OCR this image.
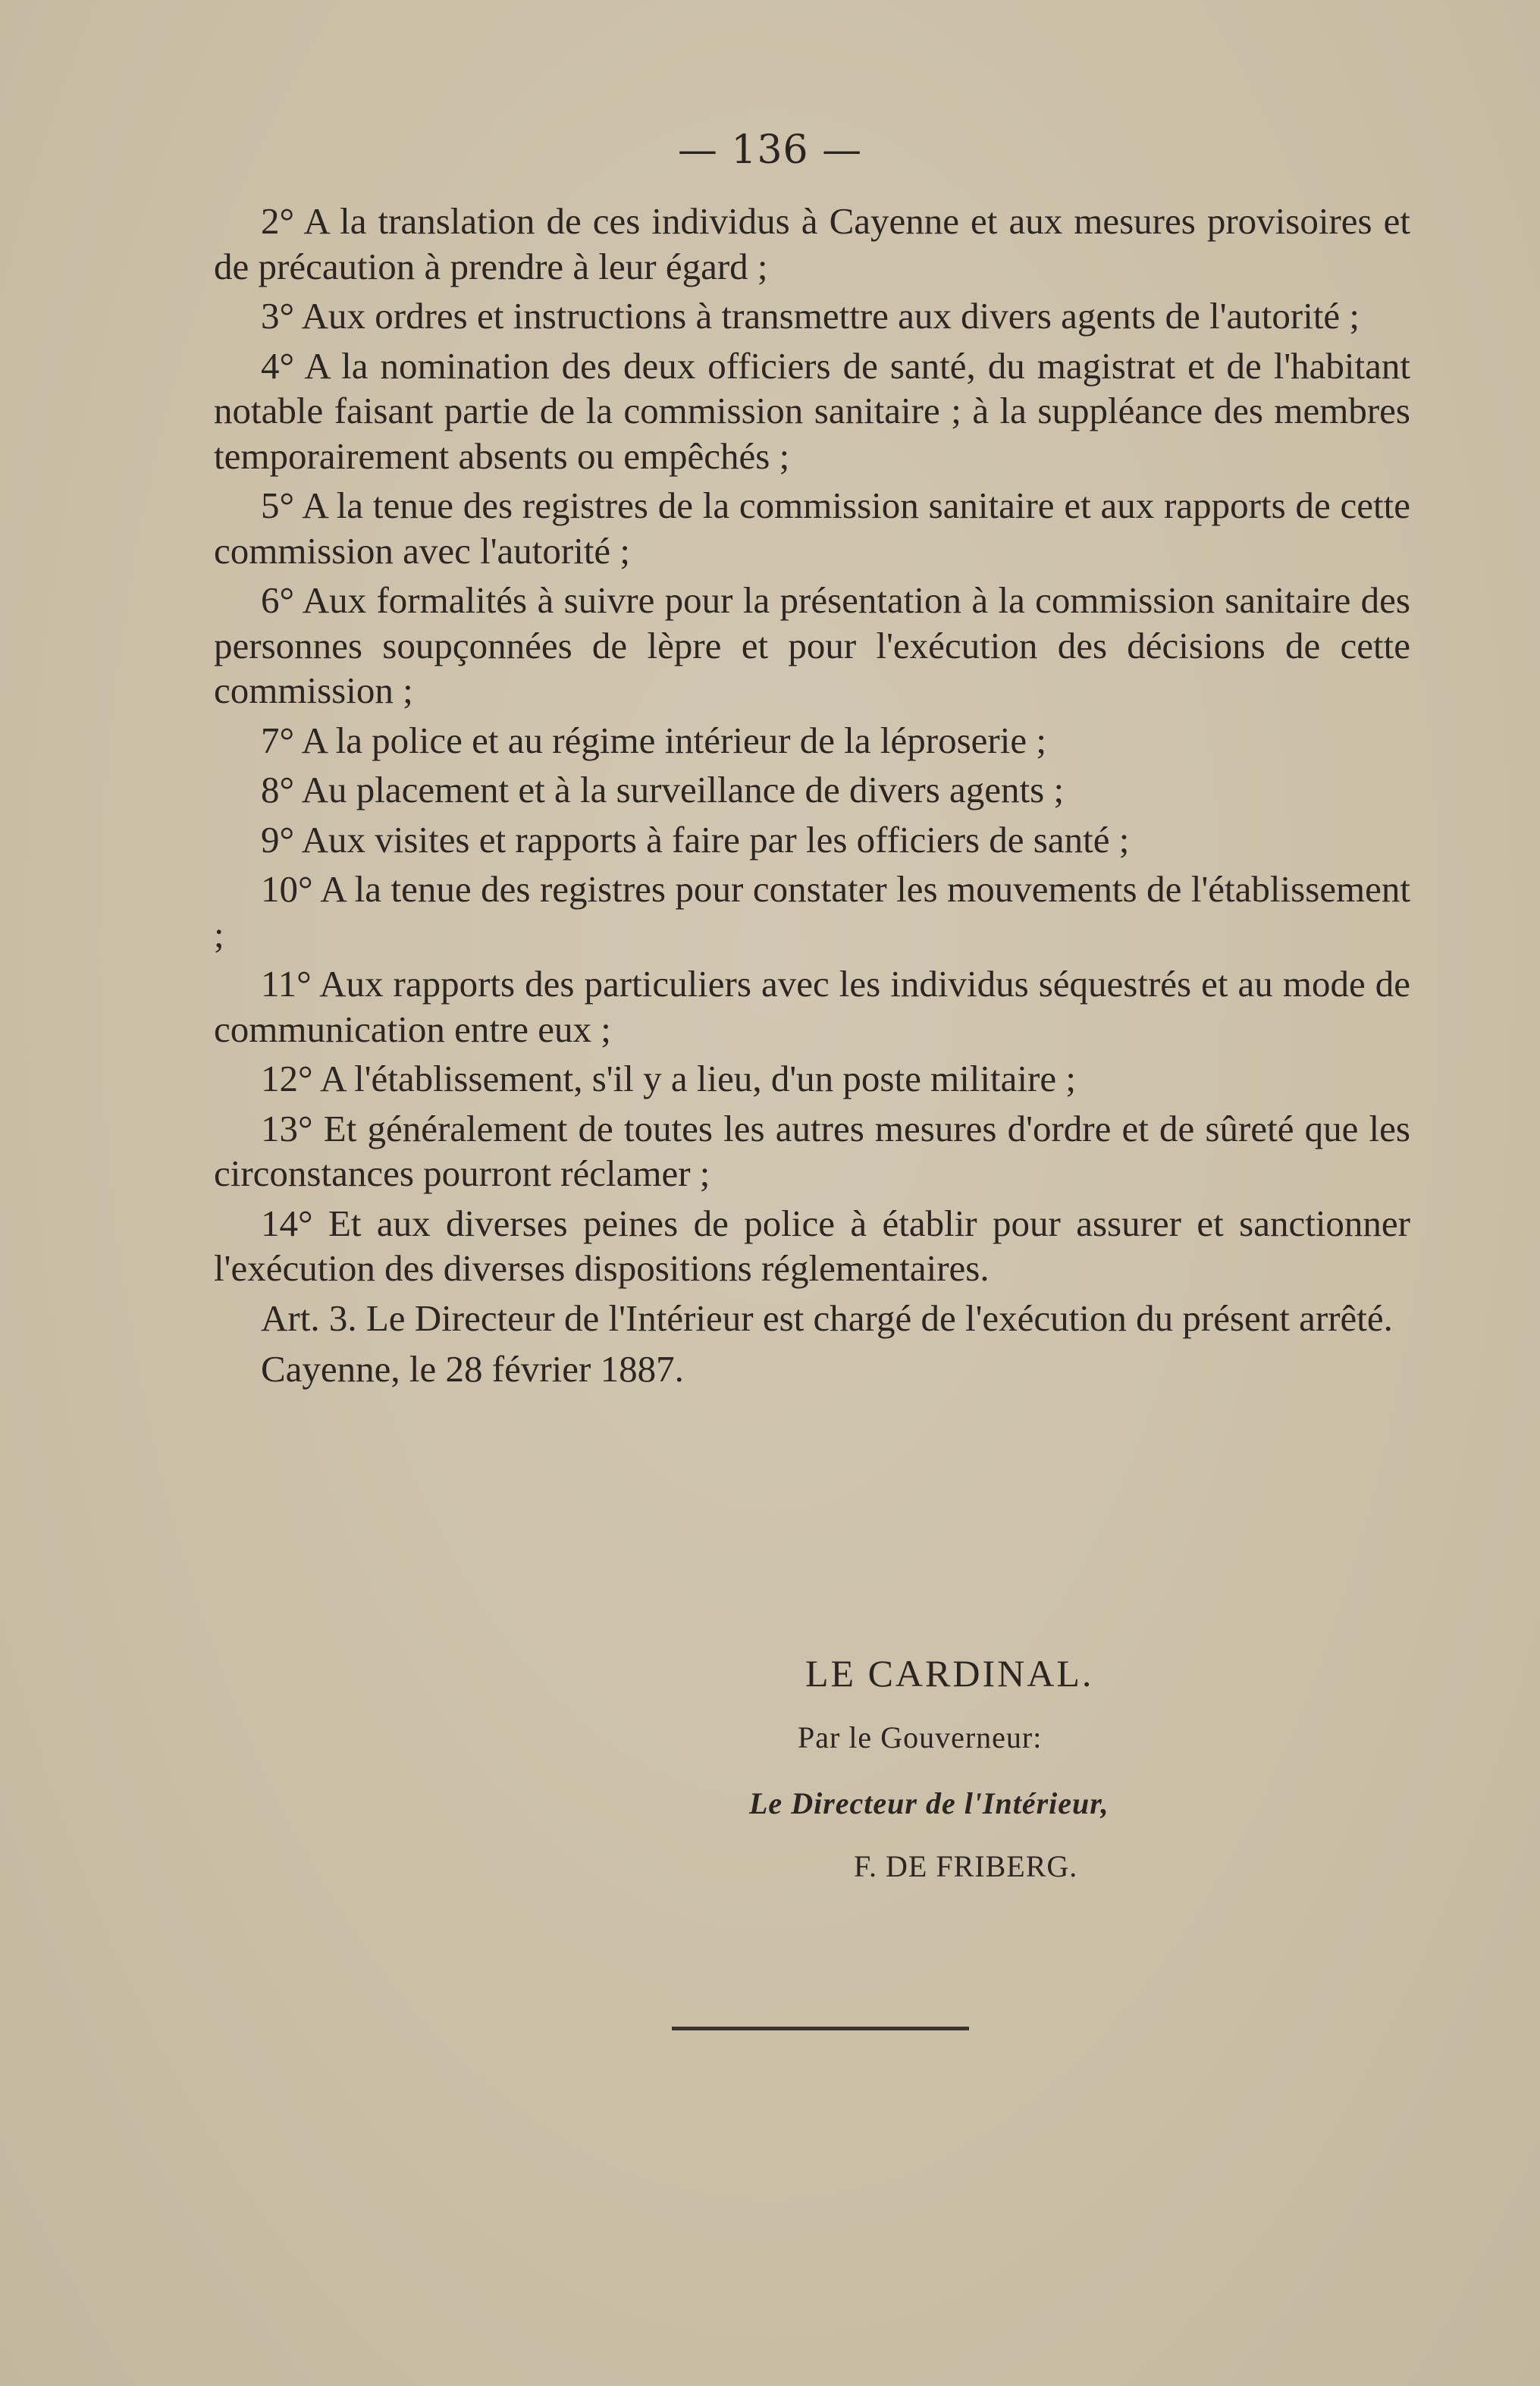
— 136 —

2° A la translation de ces individus à Cayenne et aux mesures provisoires et de précaution à prendre à leur égard ;

3° Aux ordres et instructions à transmettre aux divers agents de l'autorité ;

4° A la nomination des deux officiers de santé, du magistrat et de l'habitant notable faisant partie de la commission sanitaire ; à la suppléance des membres temporairement absents ou empêchés ;

5° A la tenue des registres de la commission sanitaire et aux rapports de cette commission avec l'autorité ;

6° Aux formalités à suivre pour la présentation à la commission sanitaire des personnes soupçonnées de lèpre et pour l'exécution des décisions de cette commission ;

7° A la police et au régime intérieur de la léproserie ;

8° Au placement et à la surveillance de divers agents ;

9° Aux visites et rapports à faire par les officiers de santé ;

10° A la tenue des registres pour constater les mouvements de l'établissement ;

11° Aux rapports des particuliers avec les individus séquestrés et au mode de communication entre eux ;

12° A l'établissement, s'il y a lieu, d'un poste militaire ;

13° Et généralement de toutes les autres mesures d'ordre et de sûreté que les circonstances pourront réclamer ;

14° Et aux diverses peines de police à établir pour assurer et sanctionner l'exécution des diverses dispositions réglementaires.

Art. 3. Le Directeur de l'Intérieur est chargé de l'exécution du présent arrêté.

Cayenne, le 28 février 1887.

LE CARDINAL.
Par le Gouverneur:
Le Directeur de l'Intérieur,
F. DE FRIBERG.
